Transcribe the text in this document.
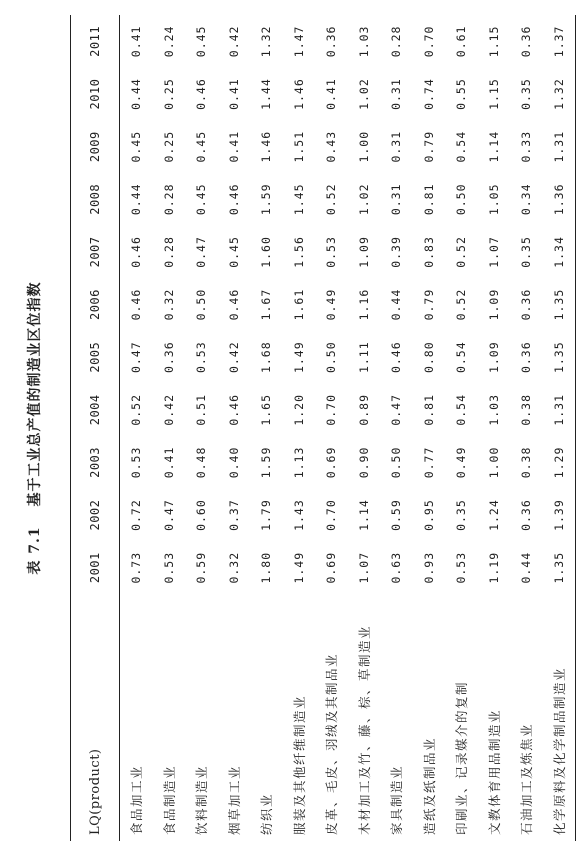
表 7.1 基于工业总产值的制造业区位指数
LQ(product)	2001	2002	2003	2004	2005	2006	2007	2008	2009	2010	2011
食品加工业	0.73	0.72	0.53	0.52	0.47	0.46	0.46	0.44	0.45	0.44	0.41
食品制造业	0.53	0.47	0.41	0.42	0.36	0.32	0.28	0.28	0.25	0.25	0.24
饮料制造业	0.59	0.60	0.48	0.51	0.53	0.50	0.47	0.45	0.45	0.46	0.45
烟草加工业	0.32	0.37	0.40	0.46	0.42	0.46	0.45	0.46	0.41	0.41	0.42
纺织业	1.80	1.79	1.59	1.65	1.68	1.67	1.60	1.59	1.46	1.44	1.32
服装及其他纤维制造业	1.49	1.43	1.13	1.20	1.49	1.61	1.56	1.45	1.51	1.46	1.47
皮革、毛皮、羽绒及其制品业	0.69	0.70	0.69	0.70	0.50	0.49	0.53	0.52	0.43	0.41	0.36
木材加工及竹、藤、棕、草制造业	1.07	1.14	0.90	0.89	1.11	1.16	1.09	1.02	1.00	1.02	1.03
家具制造业	0.63	0.59	0.50	0.47	0.46	0.44	0.39	0.31	0.31	0.31	0.28
造纸及纸制品业	0.93	0.95	0.77	0.81	0.80	0.79	0.83	0.81	0.79	0.74	0.70
印刷业、记录媒介的复制	0.53	0.35	0.49	0.54	0.54	0.52	0.52	0.50	0.54	0.55	0.61
文教体育用品制造业	1.19	1.24	1.00	1.03	1.09	1.09	1.07	1.05	1.14	1.15	1.15
石油加工及炼焦业	0.44	0.36	0.38	0.38	0.36	0.36	0.35	0.34	0.33	0.35	0.36
化学原料及化学制品制造业	1.35	1.39	1.29	1.31	1.35	1.35	1.34	1.36	1.31	1.32	1.37
